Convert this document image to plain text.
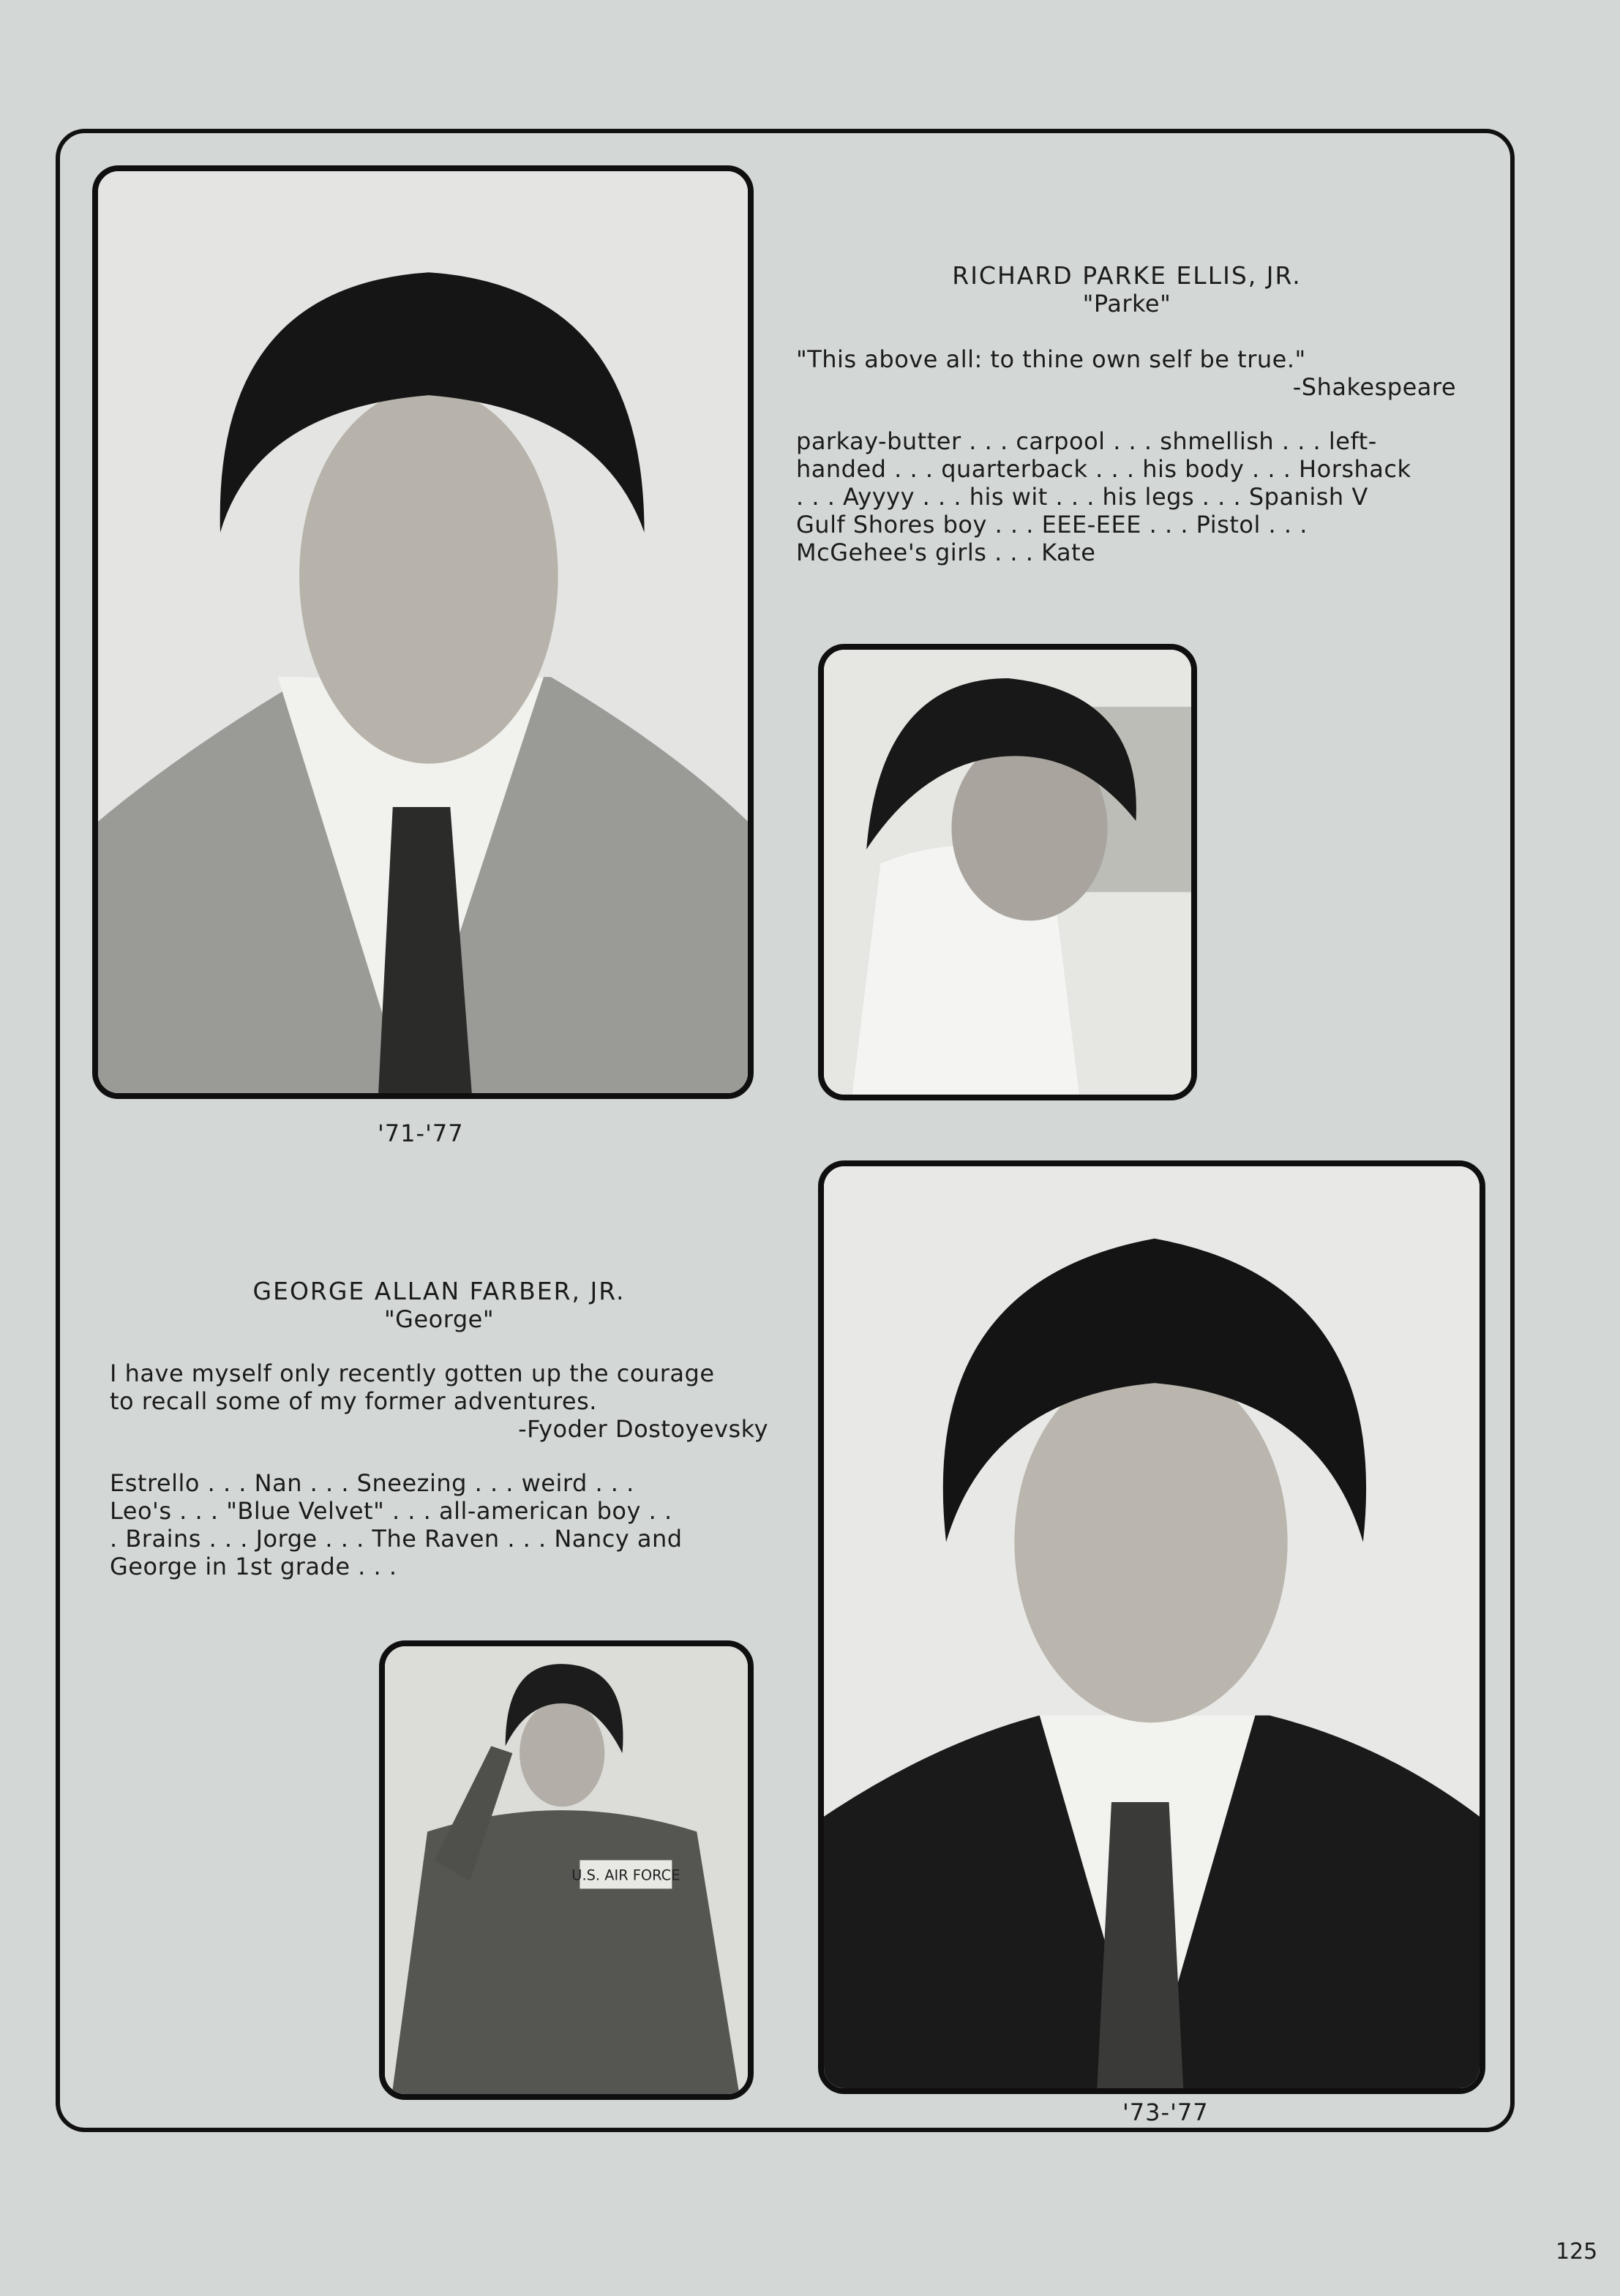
RICHARD PARKE ELLIS, JR.
"Parke"
"This above all: to thine own self be true."
-Shakespeare
parkay-butter . . . carpool . . . shmellish . . . left-
handed . . . quarterback . . . his body . . . Horshack
. . . Ayyyy . . . his wit . . . his legs . . . Spanish V
Gulf Shores boy . . . EEE-EEE . . . Pistol . . .
McGehee's girls . . . Kate
'71-'77
GEORGE ALLAN FARBER, JR.
"George"
I have myself only recently gotten up the courage
to recall some of my former adventures.
-Fyoder Dostoyevsky
Estrello . . . Nan . . . Sneezing . . . weird . . .
Leo's . . . "Blue Velvet" . . . all-american boy . .
. Brains . . . Jorge . . . The Raven . . . Nancy and
George in 1st grade . . .
U.S. AIR FORCE
'73-'77
125
